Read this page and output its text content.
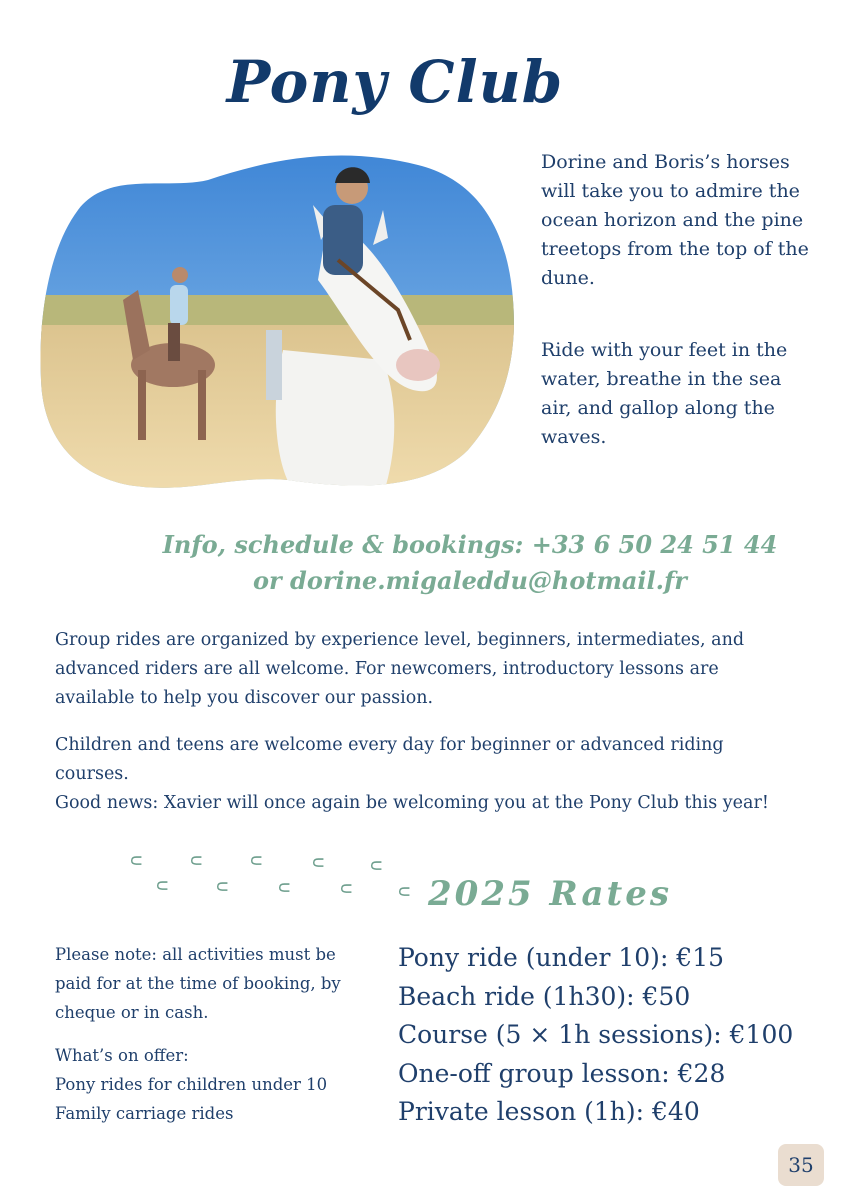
Pony Club
Dorine and Boris’s horses will take you to admire the ocean horizon and the pine treetops from the top of the dune.
Ride with your feet in the water, breathe in the sea air, and gallop along the waves.
Info, schedule & bookings: +33 6 50 24 51 44
or dorine.migaleddu@hotmail.fr

Group rides are organized by experience level, beginners, intermediates, and advanced riders are all welcome. For newcomers, introductory lessons are available to help you discover our passion.

Children and teens are welcome every day for beginner or advanced riding courses.

Good news: Xavier will once again be welcoming you at the Pony Club this year!

∪ ∪ ∪ ∪ ∪
∪ ∪ ∪ ∪ ∪ 2025 Rates
Please note: all activities must be paid for at the time of booking, by cheque or in cash.
What’s on offer:
Pony rides for children under 10
Family carriage rides
Pony ride (under 10): €15
Beach ride (1h30): €50
Course (5 × 1h sessions): €100
One-off group lesson: €28
Private lesson (1h): €40
35
